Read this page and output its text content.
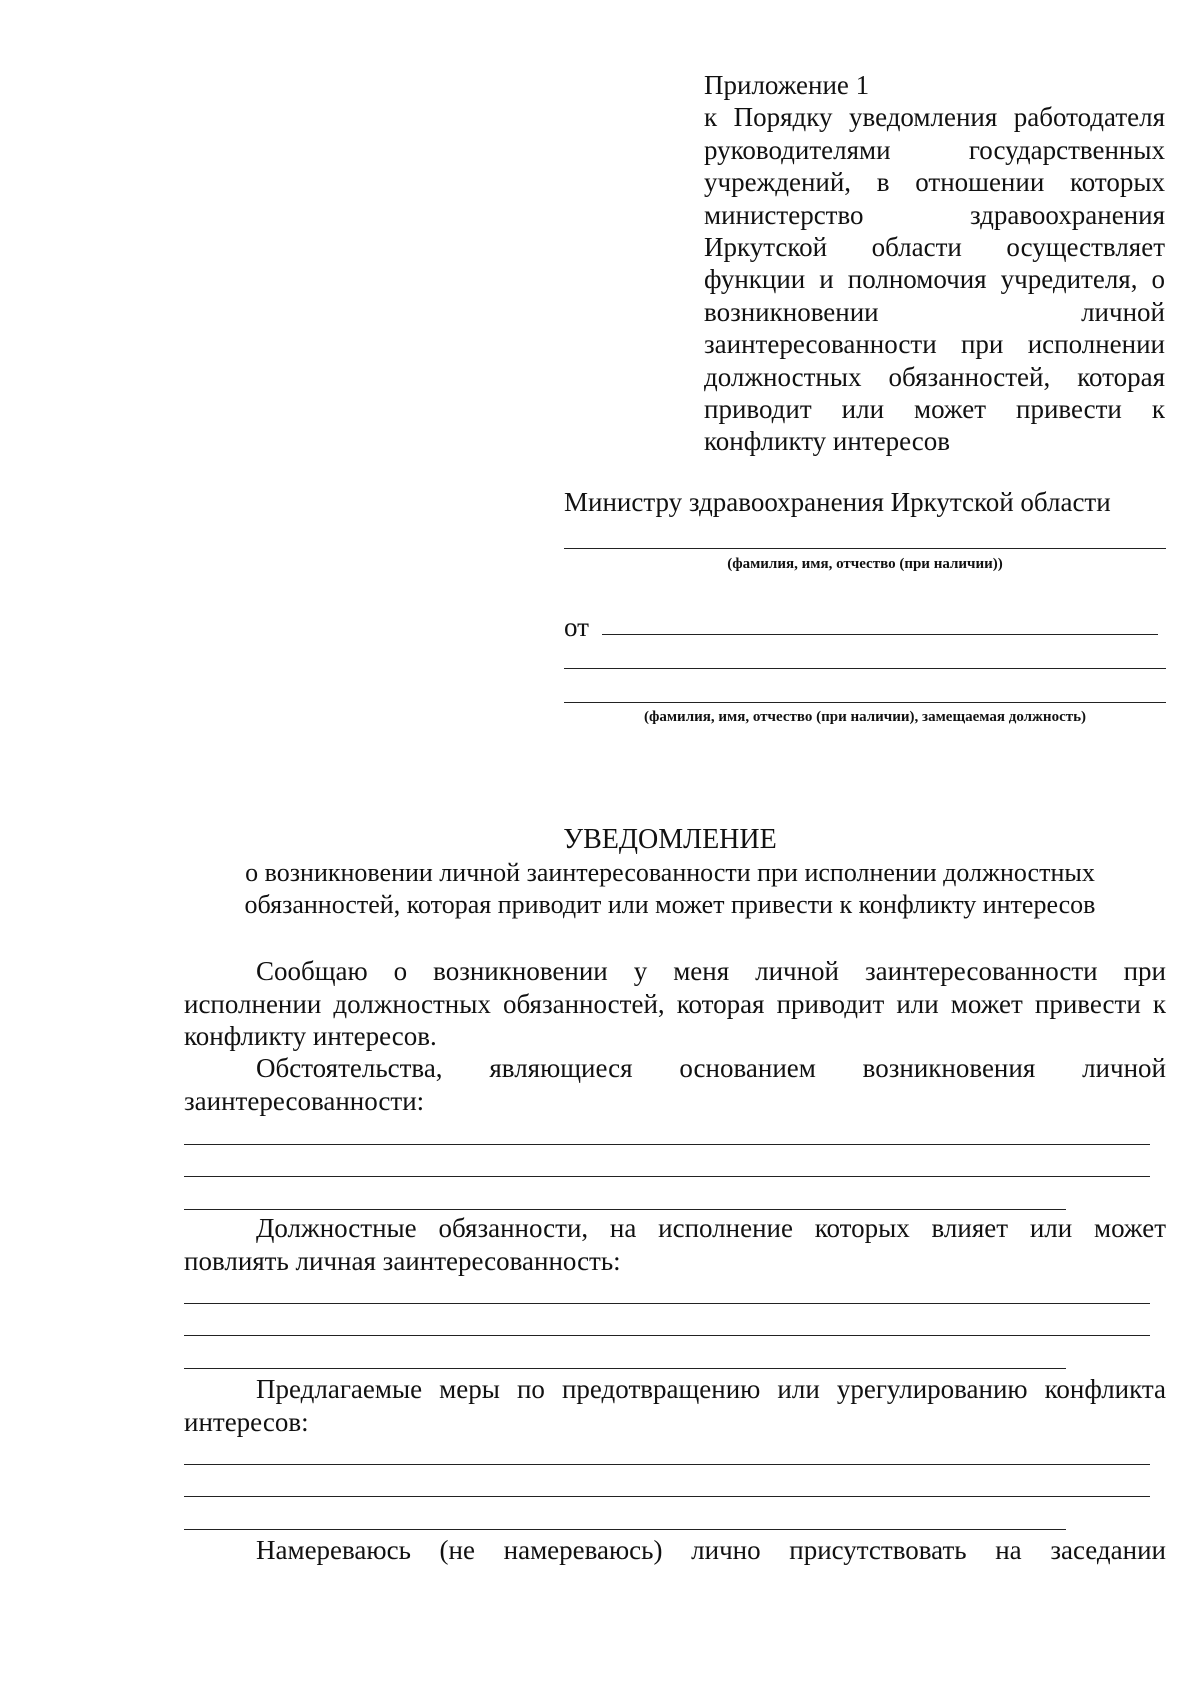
Приложение 1
к Порядку уведомления работодателя руководителями государственных учреждений, в отношении которых министерство здравоохранения Иркутской области осуществляет функции и полномочия учредителя, о возникновении личной заинтересованности при исполнении должностных обязанностей, которая приводит или может привести к конфликту интересов
Министру здравоохранения Иркутской области
(фамилия, имя, отчество (при наличии))
от
(фамилия, имя, отчество (при наличии), замещаемая должность)
УВЕДОМЛЕНИЕ
о возникновении личной заинтересованности при исполнении должностных
обязанностей, которая приводит или может привести к конфликту интересов
Сообщаю о возникновении у меня личной заинтересованности при исполнении должностных обязанностей, которая приводит или может привести к конфликту интересов.
Обстоятельства, являющиеся основанием возникновения личной заинтересованности:
Должностные обязанности, на исполнение которых влияет или может повлиять личная заинтересованность:
Предлагаемые меры по предотвращению или урегулированию конфликта интересов:
Намереваюсь (не намереваюсь) лично присутствовать на заседании
